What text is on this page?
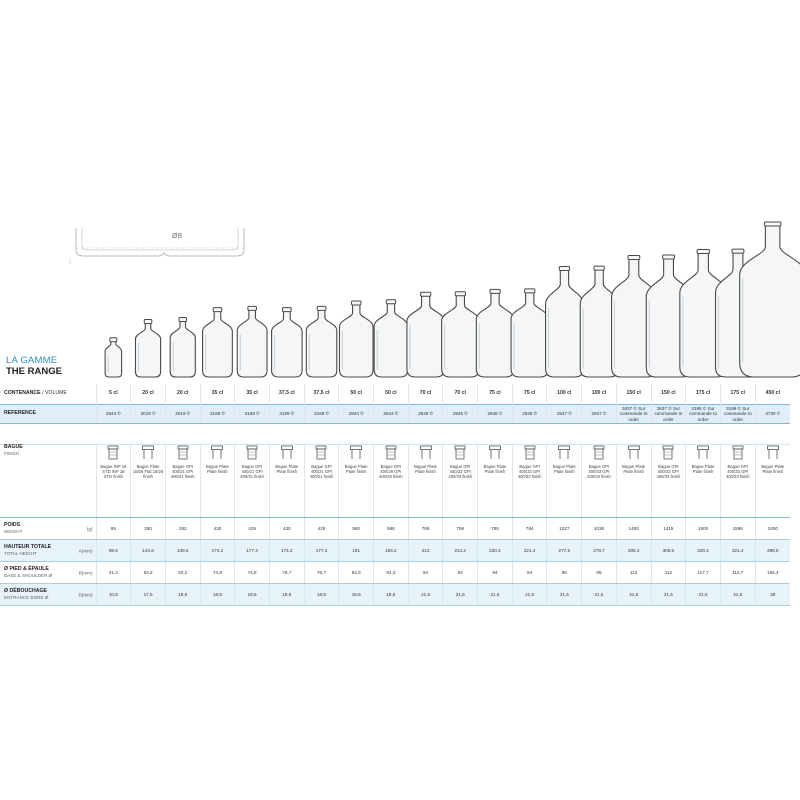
ØB
LA GAMME
THE RANGE
CONTENANCE / VOLUME	5 cl	20 cl	20 cl	35 cl	35 cl	37,5 cl	37,5 cl	50 cl	50 cl	70 cl	70 cl	75 cl	75 cl	100 cl	100 cl	150 cl	150 cl	175 cl	175 cl	450 cl
REFERENCE	2843 ©	3019 ©	3019 ©	3168 ©	3168 ©	3169 ©	3169 ©	2844 ©	2844 ©	2845 ©	2845 ©	2846 ©	2846 ©	2847 ©	2847 ©	3637 © Sur commande to order	3637 © Sur commande to order	3196 © Sur commande to order	3196 © Sur commande to order	3730 ©

BAGUE
FINISH	Bague INP 18 STD INP 18 STD finish	Bague Plate 18/26 Flat 18/26 finish	Bague GPI 400/21 GPI 400/21 finish	Bague Plate Plate finish	Bague GPI 400/21 GPI 400/21 finish	Bague Plate Plate finish	Bague GPI 400/21 GPI 400/21 finish	Bague Plate Plate finish	Bague GPI 400/28 GPI 400/28 finish	Bague Plate Plate finish	Bague GPI 400/33 GPI 400/33 finish	Bague Plate Plate finish	Bague GPI 400/33 GPI 400/33 finish	Bague Plate Plate finish	Bague GPI 400/33 GPI 400/33 finish	Bague Plate Plate finish	Bague GPI 400/33 GPI 400/33 finish	Bague Plate Plate finish	Bague GPI 400/33 GPI 400/33 finish	Bague Plate Plate finish

POIDS
WEIGHT
(g)	95	280	282	430	429	430	429	580	588	786	796	785	794	1027	1036	1400	1415	1600	1596	3400
HAUTEUR TOTALE
TOTAL HEIGHT
A(mm)	98,5	144,6	149,4	174,2	177,4	174,2	177,4	191	194,2	213	214,2	220,2	221,4	277,5	278,7	305,4	306,6	320,2	321,4	389,5
Ø PIED & ÉPAULE
BASE & SHOULDER Ø
B(mm)	41,4	63,2	63,2	74,8	74,8	76,7	76,7	84,3	84,3	94	94	94	94	95	95	112	112	117,7	112,7	166,4
Ø DÉBOUCHAGE
ENTRANCE BORE Ø
D(mm)	10,5	17,5	18,5	18,5	18,5	18,5	18,5	18,5	18,5	21,5	21,5	21,5	21,5	21,5	21,5	21,5	21,5	21,5	21,5	28
